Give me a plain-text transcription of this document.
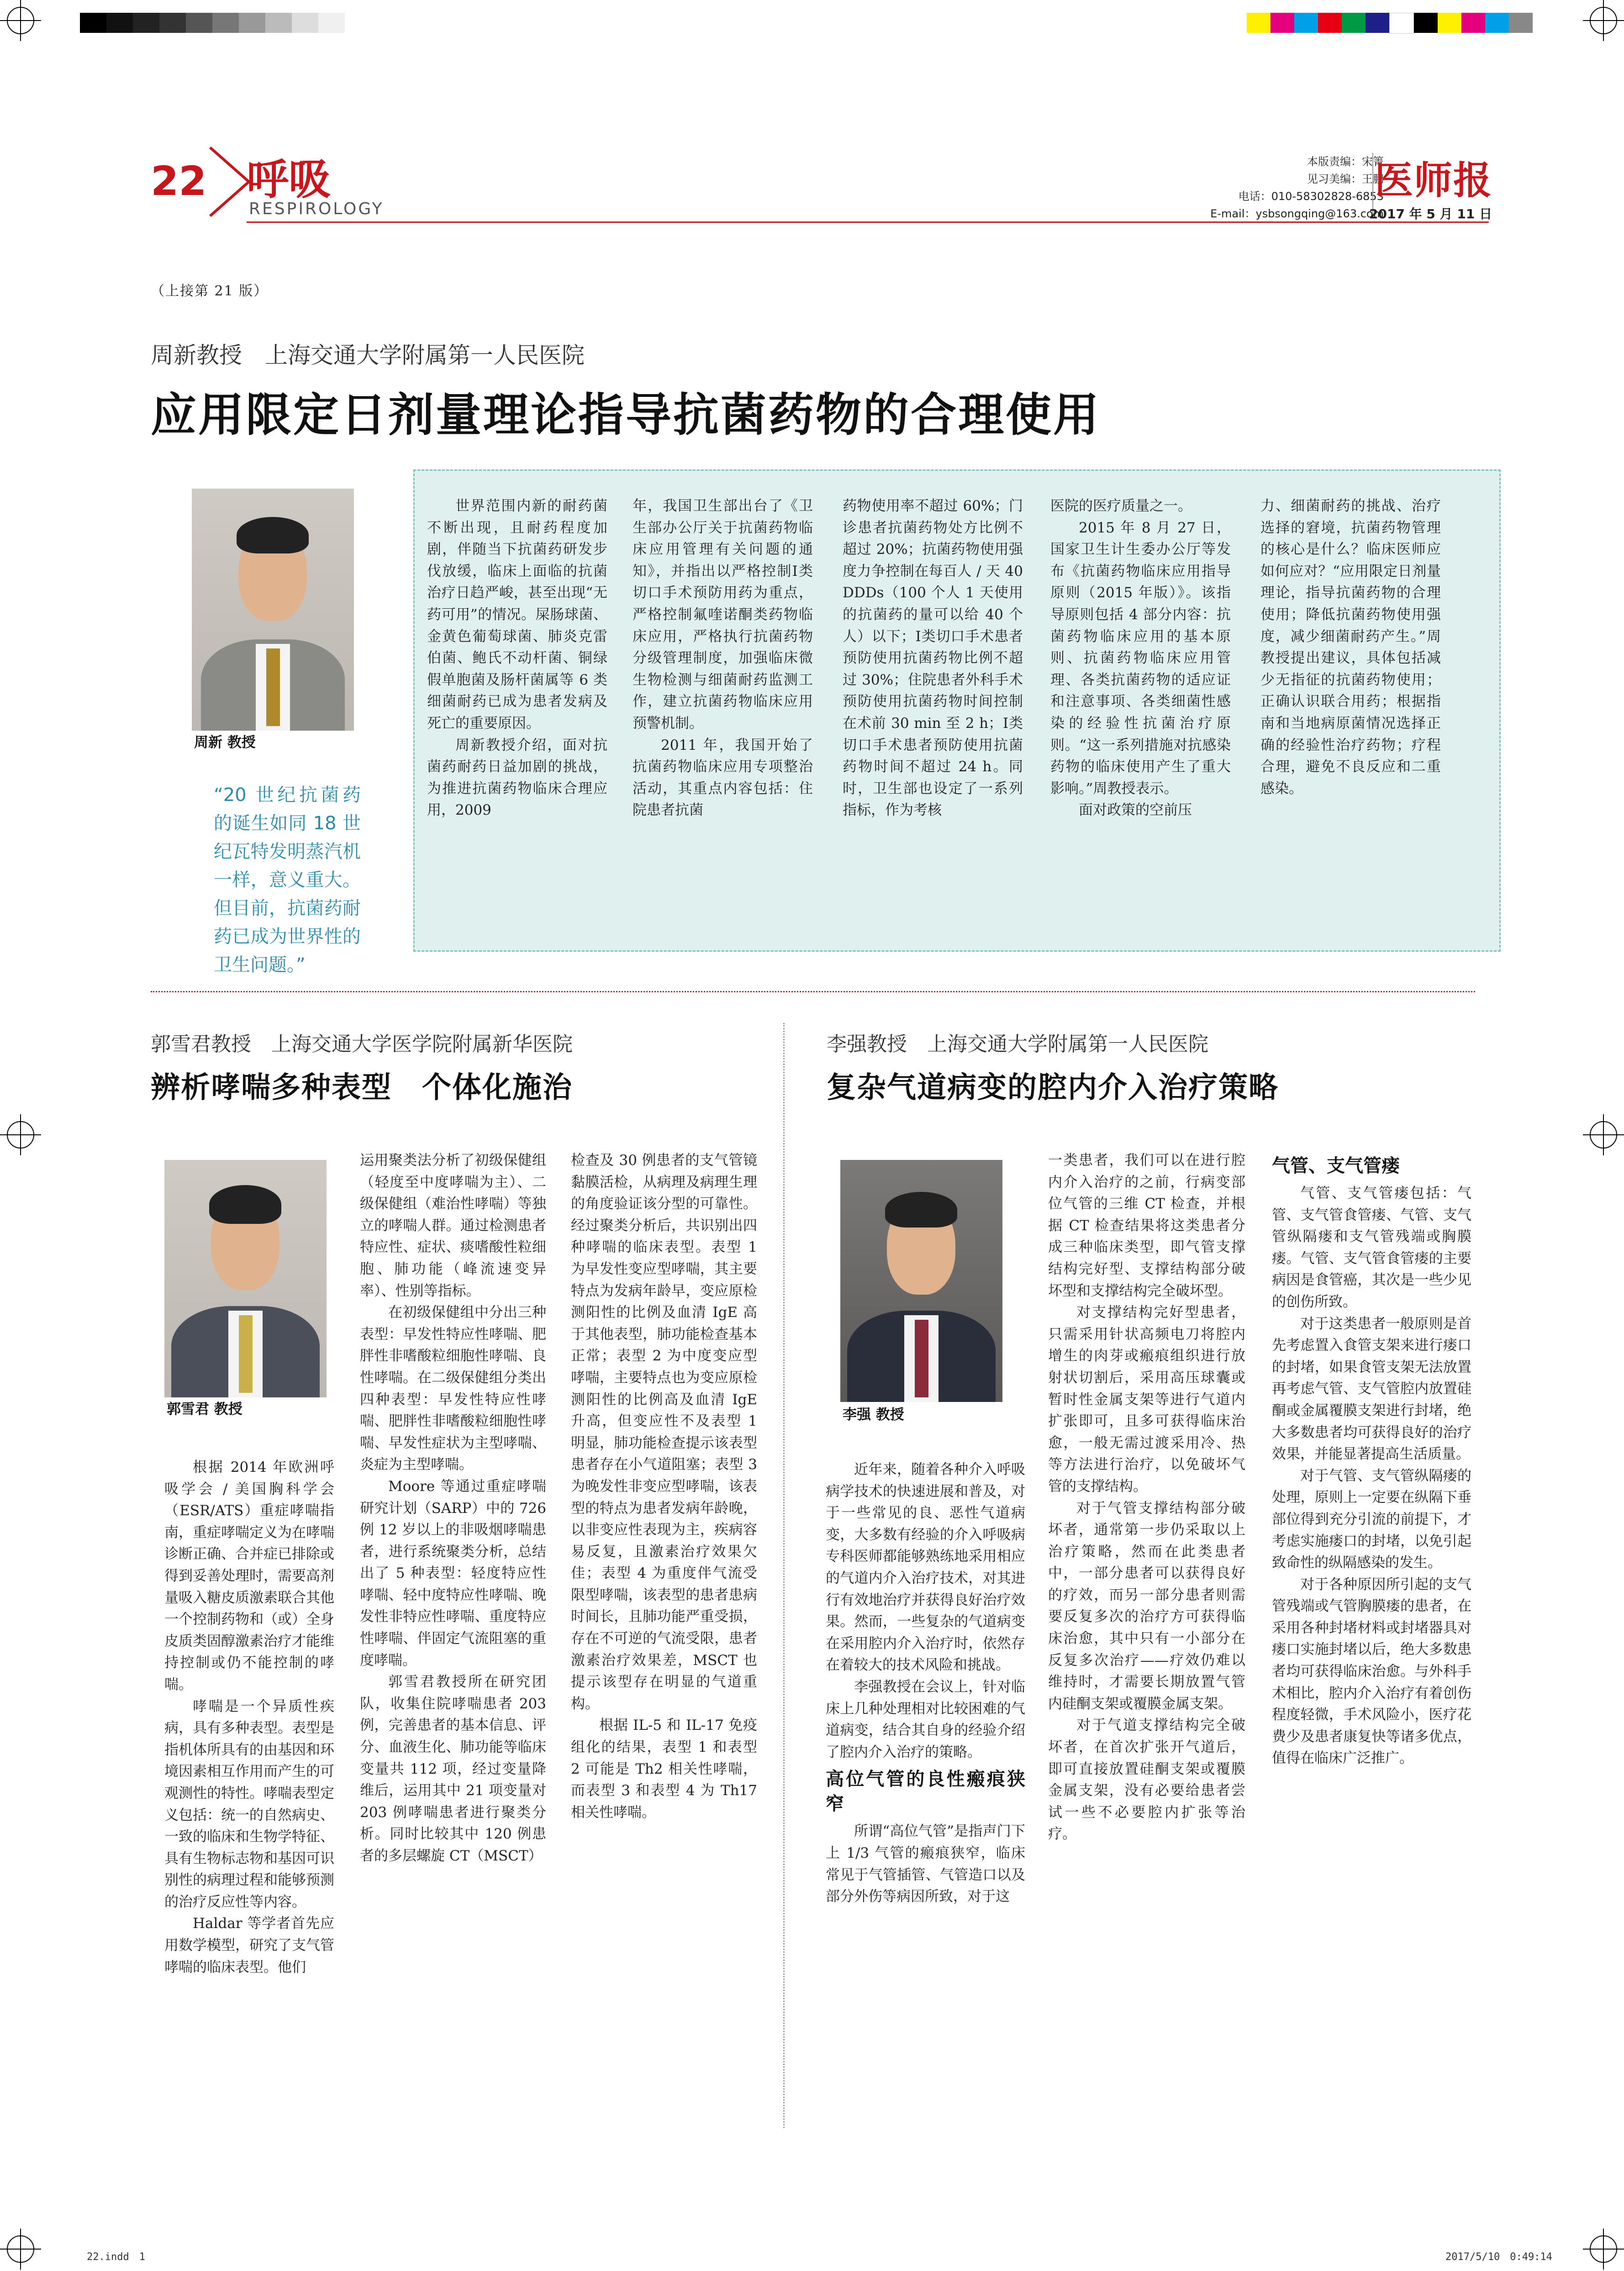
22 呼吸
RESPIROLOGY
本版责编：宋箐
见习美编：王鹏
电话：010-58302828-6853
E-mail：ysbsongqing@163.com
医师报
2017 年 5 月 11 日
（上接第 21 版）
周新教授　上海交通大学附属第一人民医院
应用限定日剂量理论指导抗菌药物的合理使用
周新 教授
“20 世纪抗菌药的诞生如同 18 世纪瓦特发明蒸汽机一样，意义重大。但目前，抗菌药耐药已成为世界性的卫生问题。”

世界范围内新的耐药菌不断出现，且耐药程度加剧，伴随当下抗菌药研发步伐放缓，临床上面临的抗菌治疗日趋严峻，甚至出现“无药可用”的情况。屎肠球菌、金黄色葡萄球菌、肺炎克雷伯菌、鲍氏不动杆菌、铜绿假单胞菌及肠杆菌属等 6 类细菌耐药已成为患者发病及死亡的重要原因。

周新教授介绍，面对抗菌药耐药日益加剧的挑战，为推进抗菌药物临床合理应用，2009

年，我国卫生部出台了《卫生部办公厅关于抗菌药物临床应用管理有关问题的通知》，并指出以严格控制Ⅰ类切口手术预防用药为重点，严格控制氟喹诺酮类药物临床应用，严格执行抗菌药物分级管理制度，加强临床微生物检测与细菌耐药监测工作，建立抗菌药物临床应用预警机制。

2011 年，我国开始了抗菌药物临床应用专项整治活动，其重点内容包括：住院患者抗菌

药物使用率不超过 60%；门诊患者抗菌药物处方比例不超过 20%；抗菌药物使用强度力争控制在每百人 / 天 40 DDDs（100 个人 1 天使用的抗菌药的量可以给 40 个人）以下；Ⅰ类切口手术患者预防使用抗菌药物比例不超过 30%；住院患者外科手术预防使用抗菌药物时间控制在术前 30 min 至 2 h；Ⅰ类切口手术患者预防使用抗菌药物时间不超过 24 h。同时，卫生部也设定了一系列指标，作为考核

医院的医疗质量之一。

2015 年 8 月 27 日，国家卫生计生委办公厅等发布《抗菌药物临床应用指导原则（2015 年版）》。该指导原则包括 4 部分内容：抗菌药物临床应用的基本原则、抗菌药物临床应用管理、各类抗菌药物的适应证和注意事项、各类细菌性感染的经验性抗菌治疗原则。“这一系列措施对抗感染药物的临床使用产生了重大影响。”周教授表示。

面对政策的空前压

力、细菌耐药的挑战、治疗选择的窘境，抗菌药物管理的核心是什么？临床医师应如何应对？“应用限定日剂量理论，指导抗菌药物的合理使用；降低抗菌药物使用强度，减少细菌耐药产生。”周教授提出建议，具体包括减少无指征的抗菌药物使用；正确认识联合用药；根据指南和当地病原菌情况选择正确的经验性治疗药物；疗程合理，避免不良反应和二重感染。

郭雪君教授　上海交通大学医学院附属新华医院
辨析哮喘多种表型　个体化施治
郭雪君 教授

根据 2014 年欧洲呼吸学会 / 美国胸科学会（ESR/ATS）重症哮喘指南，重症哮喘定义为在哮喘诊断正确、合并症已排除或得到妥善处理时，需要高剂量吸入糖皮质激素联合其他一个控制药物和（或）全身皮质类固醇激素治疗才能维持控制或仍不能控制的哮喘。

哮喘是一个异质性疾病，具有多种表型。表型是指机体所具有的由基因和环境因素相互作用而产生的可观测性的特性。哮喘表型定义包括：统一的自然病史、一致的临床和生物学特征、具有生物标志物和基因可识别性的病理过程和能够预测的治疗反应性等内容。

Haldar 等学者首先应用数学模型，研究了支气管哮喘的临床表型。他们

运用聚类法分析了初级保健组（轻度至中度哮喘为主）、二级保健组（难治性哮喘）等独立的哮喘人群。通过检测患者特应性、症状、痰嗜酸性粒细胞、肺功能（峰流速变异率）、性别等指标。

在初级保健组中分出三种表型：早发性特应性哮喘、肥胖性非嗜酸粒细胞性哮喘、良性哮喘。在二级保健组分类出四种表型：早发性特应性哮喘、肥胖性非嗜酸粒细胞性哮喘、早发性症状为主型哮喘、炎症为主型哮喘。

Moore 等通过重症哮喘研究计划（SARP）中的 726 例 12 岁以上的非吸烟哮喘患者，进行系统聚类分析，总结出了 5 种表型：轻度特应性哮喘、轻中度特应性哮喘、晚发性非特应性哮喘、重度特应性哮喘、伴固定气流阻塞的重度哮喘。

郭雪君教授所在研究团队，收集住院哮喘患者 203 例，完善患者的基本信息、评分、血液生化、肺功能等临床变量共 112 项，经过变量降维后，运用其中 21 项变量对 203 例哮喘患者进行聚类分析。同时比较其中 120 例患者的多层螺旋 CT（MSCT）

检查及 30 例患者的支气管镜黏膜活检，从病理及病理生理的角度验证该分型的可靠性。经过聚类分析后，共识别出四种哮喘的临床表型。表型 1 为早发性变应型哮喘，其主要特点为发病年龄早，变应原检测阳性的比例及血清 IgE 高于其他表型，肺功能检查基本正常；表型 2 为中度变应型哮喘，主要特点也为变应原检测阳性的比例高及血清 IgE 升高，但变应性不及表型 1 明显，肺功能检查提示该表型患者存在小气道阻塞；表型 3 为晚发性非变应型哮喘，该表型的特点为患者发病年龄晚，以非变应性表现为主，疾病容易反复，且激素治疗效果欠佳；表型 4 为重度伴气流受限型哮喘，该表型的患者患病时间长，且肺功能严重受损，存在不可逆的气流受限，患者激素治疗效果差，MSCT 也提示该型存在明显的气道重构。

根据 IL-5 和 IL-17 免疫组化的结果，表型 1 和表型 2 可能是 Th2 相关性哮喘，而表型 3 和表型 4 为 Th17 相关性哮喘。

李强教授　上海交通大学附属第一人民医院
复杂气道病变的腔内介入治疗策略
李强 教授

近年来，随着各种介入呼吸病学技术的快速进展和普及，对于一些常见的良、恶性气道病变，大多数有经验的介入呼吸病专科医师都能够熟练地采用相应的气道内介入治疗技术，对其进行有效地治疗并获得良好治疗效果。然而，一些复杂的气道病变在采用腔内介入治疗时，依然存在着较大的技术风险和挑战。

李强教授在会议上，针对临床上几种处理相对比较困难的气道病变，结合其自身的经验介绍了腔内介入治疗的策略。

高位气管的良性瘢痕狭窄

所谓“高位气管”是指声门下上 1/3 气管的瘢痕狭窄，临床常见于气管插管、气管造口以及部分外伤等病因所致，对于这

一类患者，我们可以在进行腔内介入治疗的之前，行病变部位气管的三维 CT 检查，并根据 CT 检查结果将这类患者分成三种临床类型，即气管支撑结构完好型、支撑结构部分破坏型和支撑结构完全破坏型。

对支撑结构完好型患者，只需采用针状高频电刀将腔内增生的肉芽或瘢痕组织进行放射状切割后，采用高压球囊或暂时性金属支架等进行气道内扩张即可，且多可获得临床治愈，一般无需过渡采用冷、热等方法进行治疗，以免破坏气管的支撑结构。

对于气管支撑结构部分破坏者，通常第一步仍采取以上治疗策略，然而在此类患者中，一部分患者可以获得良好的疗效，而另一部分患者则需要反复多次的治疗方可获得临床治愈，其中只有一小部分在反复多次治疗——疗效仍难以维持时，才需要长期放置气管内硅酮支架或覆膜金属支架。

对于气道支撑结构完全破坏者，在首次扩张开气道后，即可直接放置硅酮支架或覆膜金属支架，没有必要给患者尝试一些不必要腔内扩张等治疗。

气管、支气管瘘

气管、支气管瘘包括：气管、支气管食管瘘、气管、支气管纵隔瘘和支气管残端或胸膜瘘。气管、支气管食管瘘的主要病因是食管癌，其次是一些少见的创伤所致。

对于这类患者一般原则是首先考虑置入食管支架来进行瘘口的封堵，如果食管支架无法放置再考虑气管、支气管腔内放置硅酮或金属覆膜支架进行封堵，绝大多数患者均可获得良好的治疗效果，并能显著提高生活质量。

对于气管、支气管纵隔瘘的处理，原则上一定要在纵隔下垂部位得到充分引流的前提下，才考虑实施瘘口的封堵，以免引起致命性的纵隔感染的发生。

对于各种原因所引起的支气管残端或气管胸膜瘘的患者，在采用各种封堵材料或封堵器具对瘘口实施封堵以后，绝大多数患者均可获得临床治愈。与外科手术相比，腔内介入治疗有着创伤程度轻微，手术风险小，医疗花费少及患者康复快等诸多优点，值得在临床广泛推广。

22.indd　1	2017/5/10　0:49:14
